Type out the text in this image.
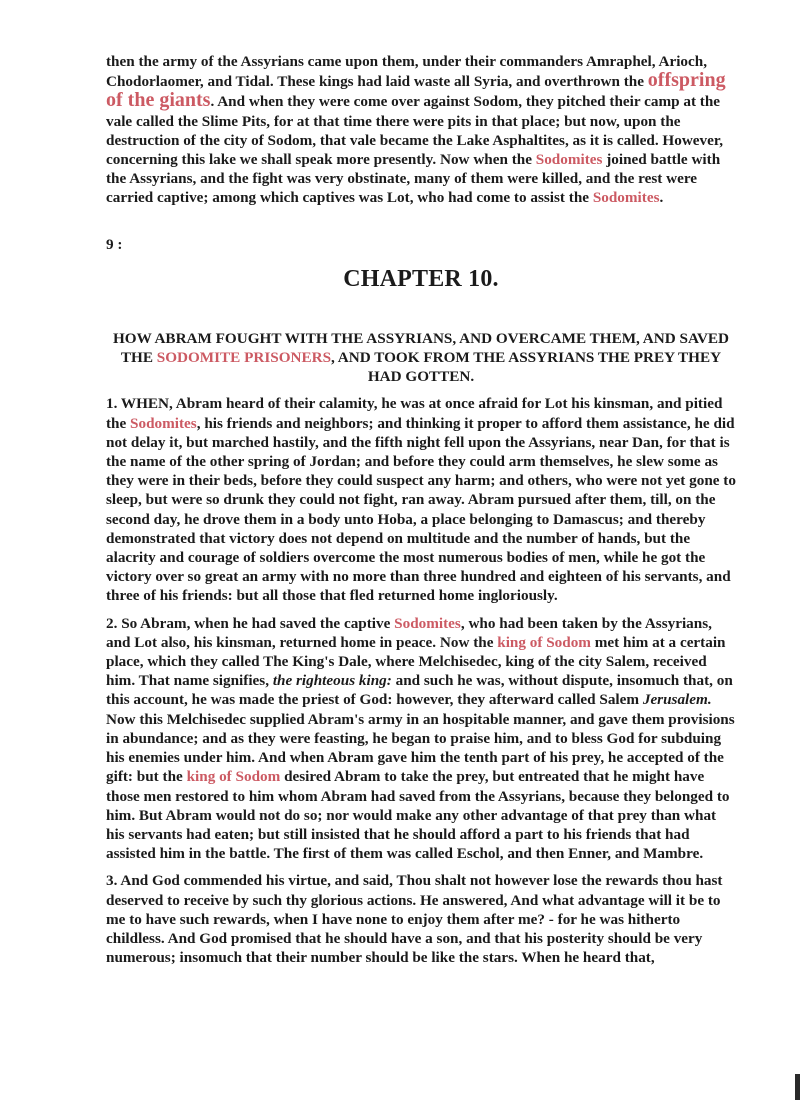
then the army of the Assyrians came upon them, under their commanders Amraphel, Arioch, Chodorlaomer, and Tidal. These kings had laid waste all Syria, and overthrown the offspring of the giants. And when they were come over against Sodom, they pitched their camp at the vale called the Slime Pits, for at that time there were pits in that place; but now, upon the destruction of the city of Sodom, that vale became the Lake Asphaltites, as it is called. However, concerning this lake we shall speak more presently. Now when the Sodomites joined battle with the Assyrians, and the fight was very obstinate, many of them were killed, and the rest were carried captive; among which captives was Lot, who had come to assist the Sodomites.

9 :

CHAPTER 10.

HOW ABRAM FOUGHT WITH THE ASSYRIANS, AND OVERCAME THEM, AND SAVED THE SODOMITE PRISONERS, AND TOOK FROM THE ASSYRIANS THE PREY THEY HAD GOTTEN.

1. WHEN, Abram heard of their calamity, he was at once afraid for Lot his kinsman, and pitied the Sodomites, his friends and neighbors; and thinking it proper to afford them assistance, he did not delay it, but marched hastily, and the fifth night fell upon the Assyrians, near Dan, for that is the name of the other spring of Jordan; and before they could arm themselves, he slew some as they were in their beds, before they could suspect any harm; and others, who were not yet gone to sleep, but were so drunk they could not fight, ran away. Abram pursued after them, till, on the second day, he drove them in a body unto Hoba, a place belonging to Damascus; and thereby demonstrated that victory does not depend on multitude and the number of hands, but the alacrity and courage of soldiers overcome the most numerous bodies of men, while he got the victory over so great an army with no more than three hundred and eighteen of his servants, and three of his friends: but all those that fled returned home ingloriously.

2. So Abram, when he had saved the captive Sodomites, who had been taken by the Assyrians, and Lot also, his kinsman, returned home in peace. Now the king of Sodom met him at a certain place, which they called The King's Dale, where Melchisedec, king of the city Salem, received him. That name signifies, the righteous king: and such he was, without dispute, insomuch that, on this account, he was made the priest of God: however, they afterward called Salem Jerusalem. Now this Melchisedec supplied Abram's army in an hospitable manner, and gave them provisions in abundance; and as they were feasting, he began to praise him, and to bless God for subduing his enemies under him. And when Abram gave him the tenth part of his prey, he accepted of the gift: but the king of Sodom desired Abram to take the prey, but entreated that he might have those men restored to him whom Abram had saved from the Assyrians, because they belonged to him. But Abram would not do so; nor would make any other advantage of that prey than what his servants had eaten; but still insisted that he should afford a part to his friends that had assisted him in the battle. The first of them was called Eschol, and then Enner, and Mambre.

3. And God commended his virtue, and said, Thou shalt not however lose the rewards thou hast deserved to receive by such thy glorious actions. He answered, And what advantage will it be to me to have such rewards, when I have none to enjoy them after me? - for he was hitherto childless. And God promised that he should have a son, and that his posterity should be very numerous; insomuch that their number should be like the stars. When he heard that,
